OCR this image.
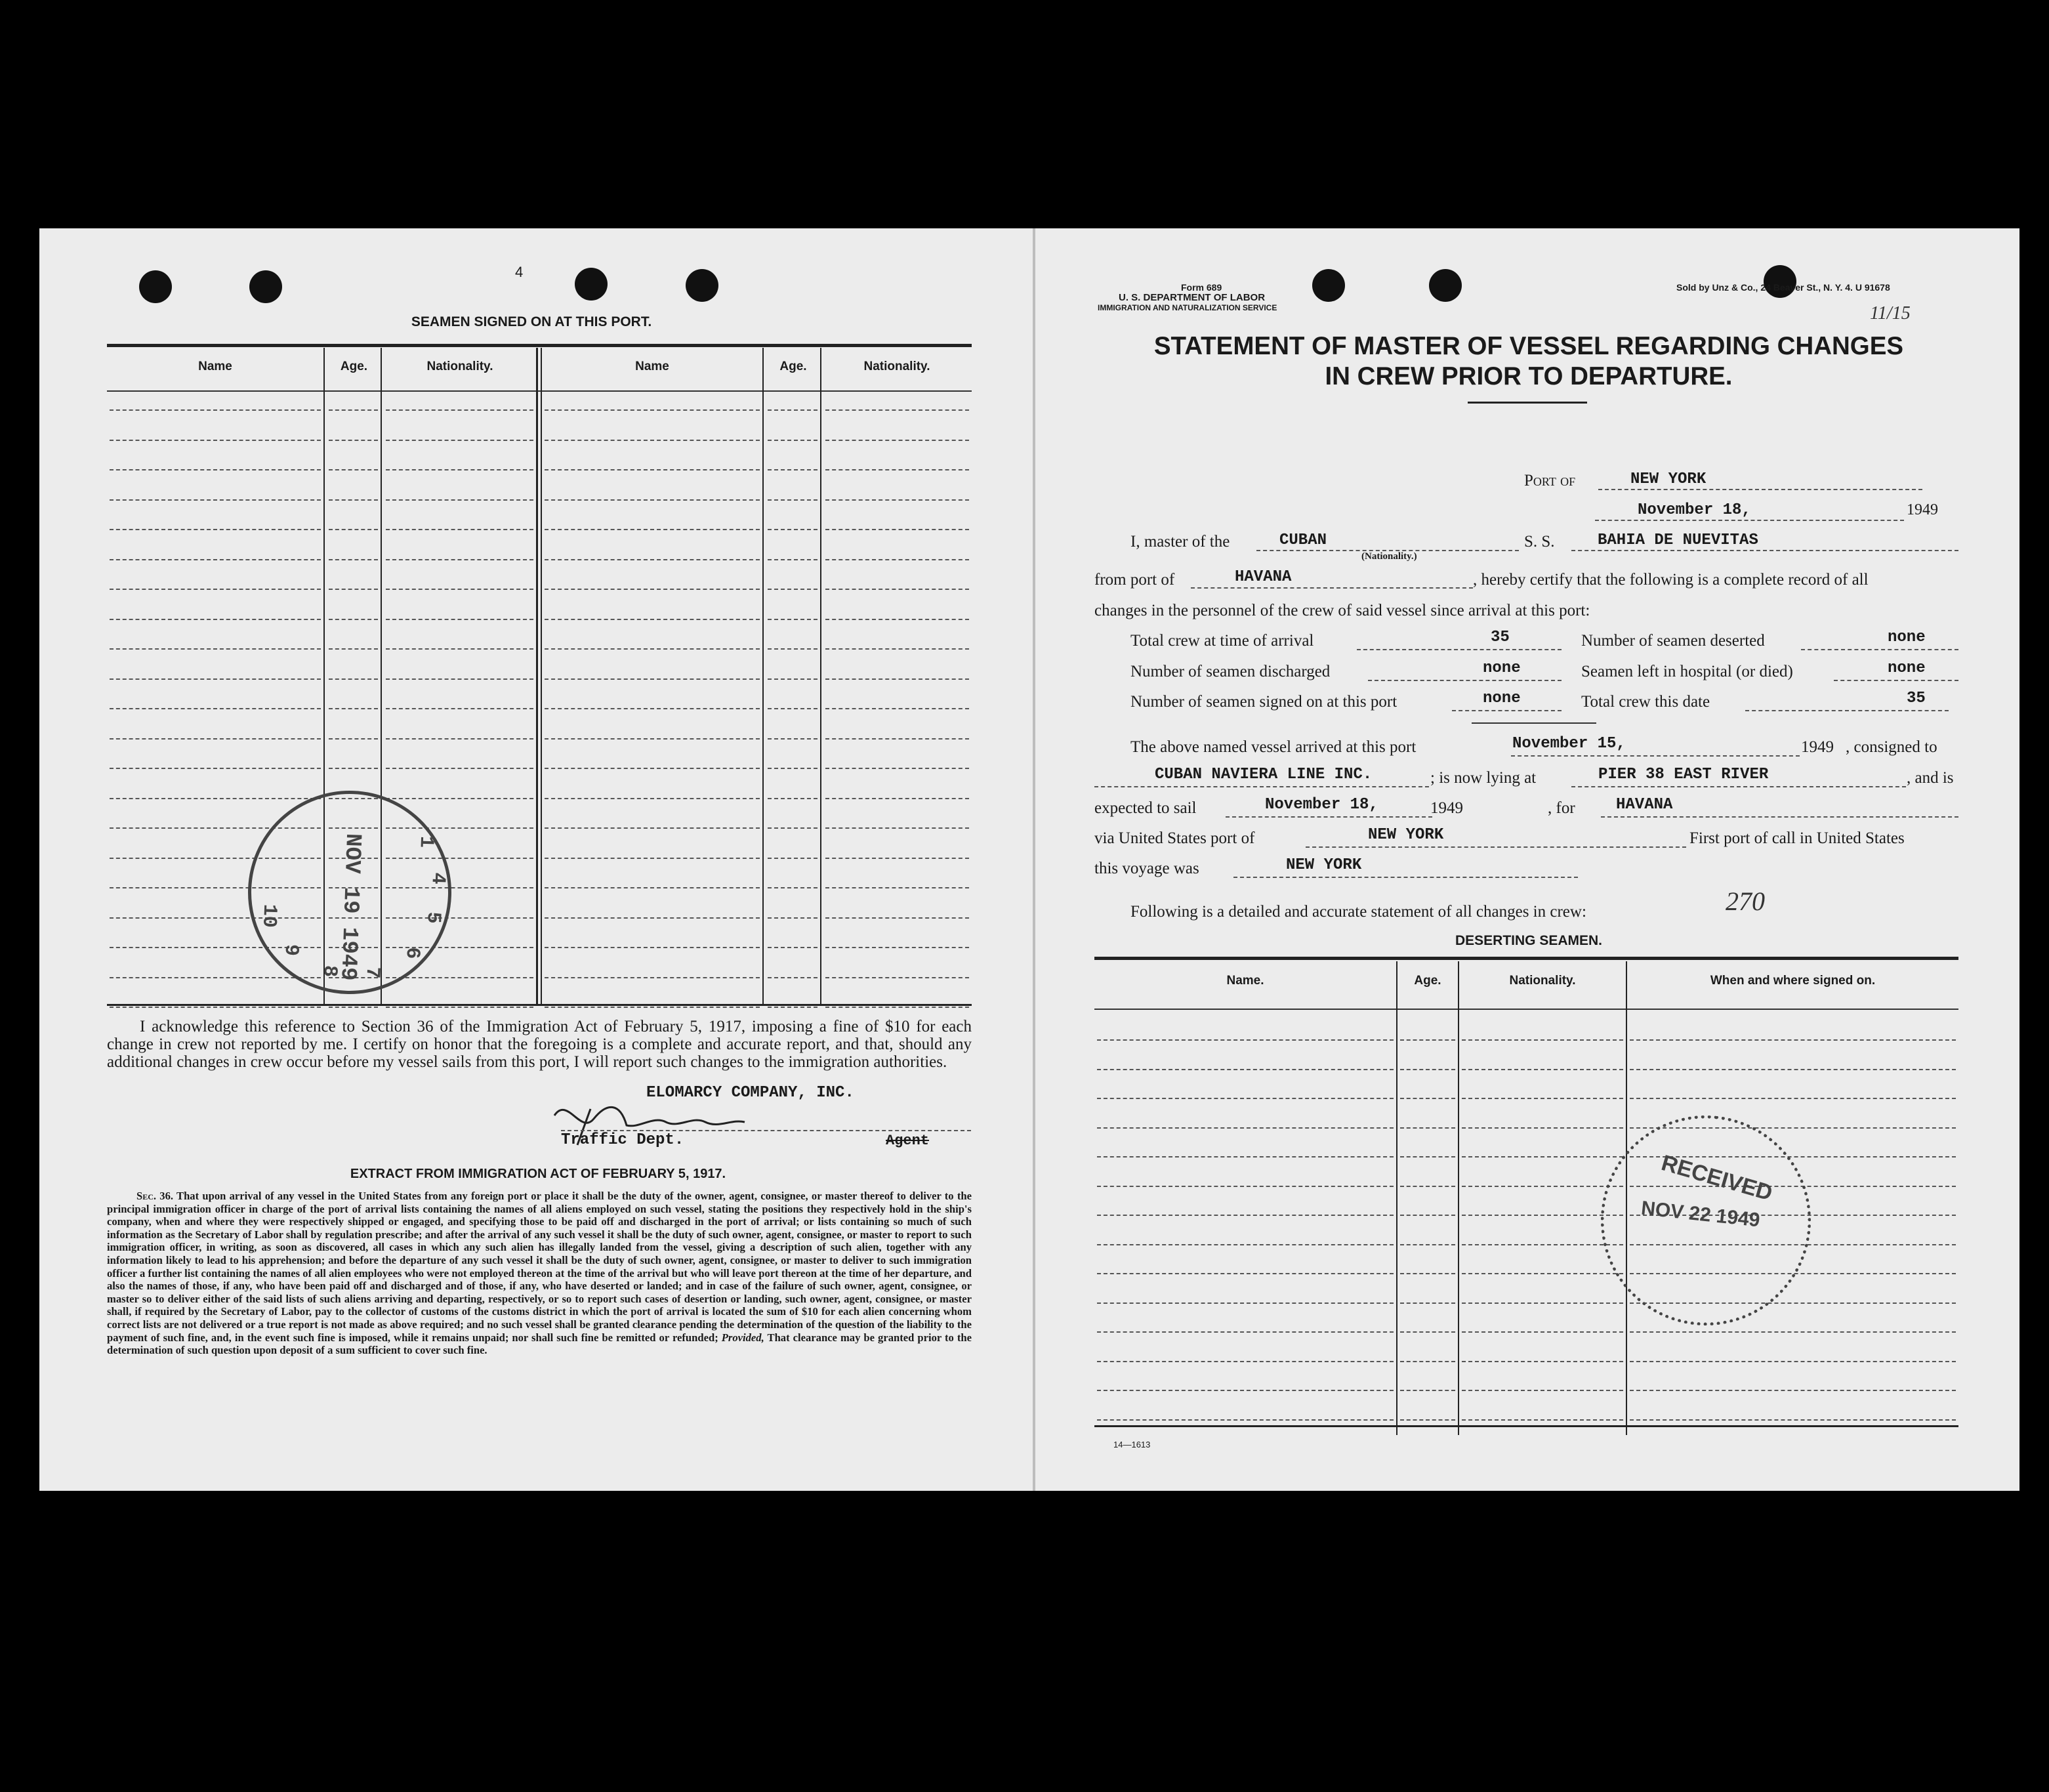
4
SEAMEN SIGNED ON AT THIS PORT.
Name	Age.	Nationality.	Name	Age.	Nationality.
NOV 19 1949	1
4
5
6
7
8
9
10
I acknowledge this reference to Section 36 of the Immigration Act of February 5, 1917, imposing a fine of $10 for each change in crew not reported by me. I certify on honor that the foregoing is a complete and accurate report, and that, should any additional changes in crew occur before my vessel sails from this port, I will report such changes to the immigration authorities.
ELOMARCY COMPANY, INC.
Traffic Dept.	Agent
EXTRACT FROM IMMIGRATION ACT OF FEBRUARY 5, 1917.

Sec. 36. That upon arrival of any vessel in the United States from any foreign port or place it shall be the duty of the owner, agent, consignee, or master thereof to deliver to the principal immigration officer in charge of the port of arrival lists containing the names of all aliens employed on such vessel, stating the positions they respectively hold in the ship's company, when and where they were respectively shipped or engaged, and specifying those to be paid off and discharged in the port of arrival; or lists containing so much of such information as the Secretary of Labor shall by regulation prescribe; and after the arrival of any such vessel it shall be the duty of such owner, agent, consignee, or master to report to such immigration officer, in writing, as soon as discovered, all cases in which any such alien has illegally landed from the vessel, giving a description of such alien, together with any information likely to lead to his apprehension; and before the departure of any such vessel it shall be the duty of such owner, agent, consignee, or master to deliver to such immigration officer a further list containing the names of all alien employees who were not employed thereon at the time of the arrival but who will leave port thereon at the time of her departure, and also the names of those, if any, who have been paid off and discharged and of those, if any, who have deserted or landed; and in case of the failure of such owner, agent, consignee, or master so to deliver either of the said lists of such aliens arriving and departing, respectively, or so to report such cases of desertion or landing, such owner, agent, consignee, or master shall, if required by the Secretary of Labor, pay to the collector of customs of the customs district in which the port of arrival is located the sum of $10 for each alien concerning whom correct lists are not delivered or a true report is not made as above required; and no such vessel shall be granted clearance pending the determination of the question of the liability to the payment of such fine, and, in the event such fine is imposed, while it remains unpaid; nor shall such fine be remitted or refunded; Provided, That clearance may be granted prior to the determination of such question upon deposit of a sum sufficient to cover such fine.

Form 689
U. S. DEPARTMENT OF LABOR
IMMIGRATION AND NATURALIZATION SERVICE
Sold by Unz & Co., 24 Beaver St., N. Y. 4. U 91678
11/15
STATEMENT OF MASTER OF VESSEL REGARDING CHANGES
IN CREW PRIOR TO DEPARTURE.
Port of	NEW YORK
November 18,	1949
I, master of the	CUBAN
(Nationality.)
S. S.	BAHIA DE NUEVITAS
from port of	HAVANA	, hereby certify that the following is a complete record of all
changes in the personnel of the crew of said vessel since arrival at this port:
Total crew at time of arrival	35	Number of seamen deserted	none
Number of seamen discharged	none	Seamen left in hospital (or died)	none
Number of seamen signed on at this port	none	Total crew this date	35
The above named vessel arrived at this port	November 15,	1949 , consigned to
CUBAN NAVIERA LINE INC.	; is now lying at	PIER 38 EAST RIVER	, and is
expected to sail	November 18,	1949	, for	HAVANA
via United States port of	NEW YORK	First port of call in United States
this voyage was	NEW YORK
Following is a detailed and accurate statement of all changes in crew:	270
DESERTING SEAMEN.
Name.	Age.	Nationality.	When and where signed on.
RECEIVED
NOV 22 1949
14—1613
